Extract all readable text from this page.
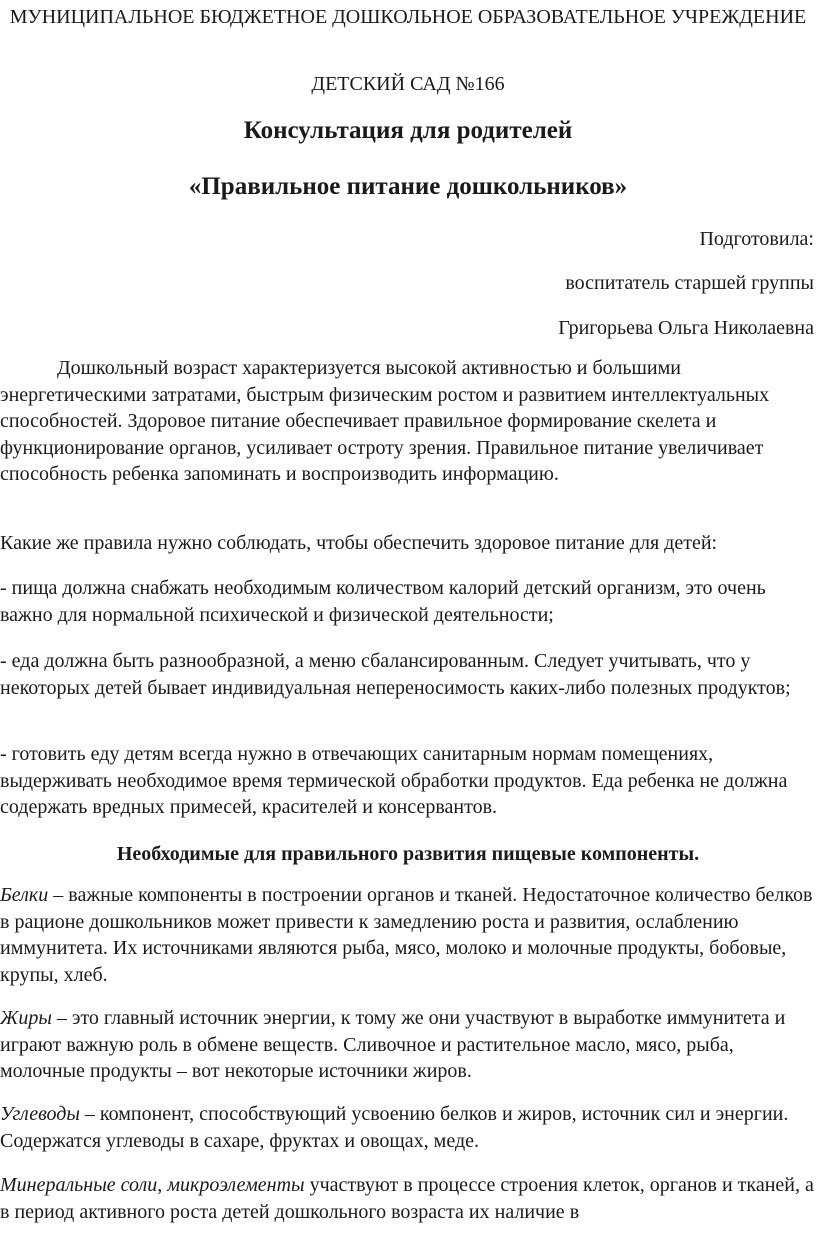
МУНИЦИПАЛЬНОЕ БЮДЖЕТНОЕ ДОШКОЛЬНОЕ ОБРАЗОВАТЕЛЬНОЕ УЧРЕЖДЕНИЕ
ДЕТСКИЙ САД №166
Консультация для родителей
«Правильное питание дошкольников»
Подготовила:
воспитатель старшей группы
Григорьева Ольга Николаевна

Дошкольный возраст характеризуется высокой активностью и большими энергетическими затратами, быстрым физическим ростом и развитием интеллектуальных способностей. Здоровое питание обеспечивает правильное формирование скелета и функционирование органов, усиливает остроту зрения. Правильное питание увеличивает способность ребенка запоминать и воспроизводить информацию.

Какие же правила нужно соблюдать, чтобы обеспечить здоровое питание для детей:

- пища должна снабжать необходимым количеством калорий детский организм, это очень важно для нормальной психической и физической деятельности;

- еда должна быть разнообразной, а меню сбалансированным. Следует учитывать, что у некоторых детей бывает индивидуальная непереносимость каких-либо полезных продуктов;

- готовить еду детям всегда нужно в отвечающих санитарным нормам помещениях, выдерживать необходимое время термической обработки продуктов. Еда ребенка не должна содержать вредных примесей, красителей и консервантов.

Необходимые для правильного развития пищевые компоненты.

Белки – важные компоненты в построении органов и тканей. Недостаточное количество белков в рационе дошкольников может привести к замедлению роста и развития, ослаблению иммунитета. Их источниками являются рыба, мясо, молоко и молочные продукты, бобовые, крупы, хлеб.

Жиры – это главный источник энергии, к тому же они участвуют в выработке иммунитета и играют важную роль в обмене веществ. Сливочное и растительное масло, мясо, рыба, молочные продукты – вот некоторые источники жиров.

Углеводы – компонент, способствующий усвоению белков и жиров, источник сил и энергии. Содержатся углеводы в сахаре, фруктах и овощах, меде.

Минеральные соли, микроэлементы участвуют в процессе строения клеток, органов и тканей, а в период активного роста детей дошкольного возраста их наличие в
